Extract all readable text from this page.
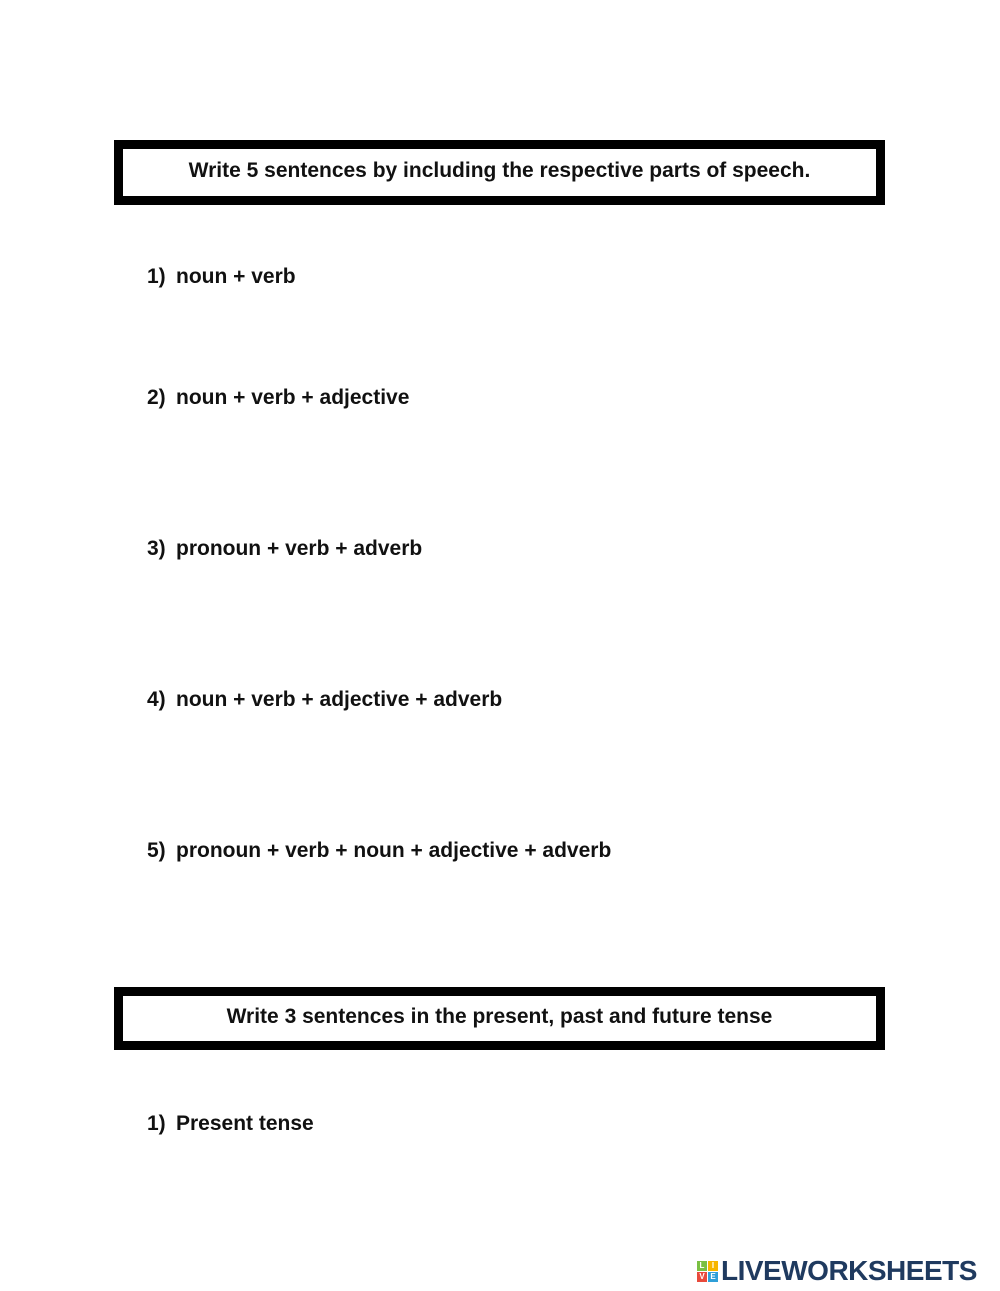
Write 5 sentences by including the respective parts of speech.
1) noun + verb
2) noun + verb + adjective
3) pronoun + verb + adverb
4) noun + verb + adjective + adverb
5) pronoun + verb + noun + adjective + adverb
Write 3 sentences in the present, past and future tense
1) Present tense
L I
V E LIVEWORKSHEETS
